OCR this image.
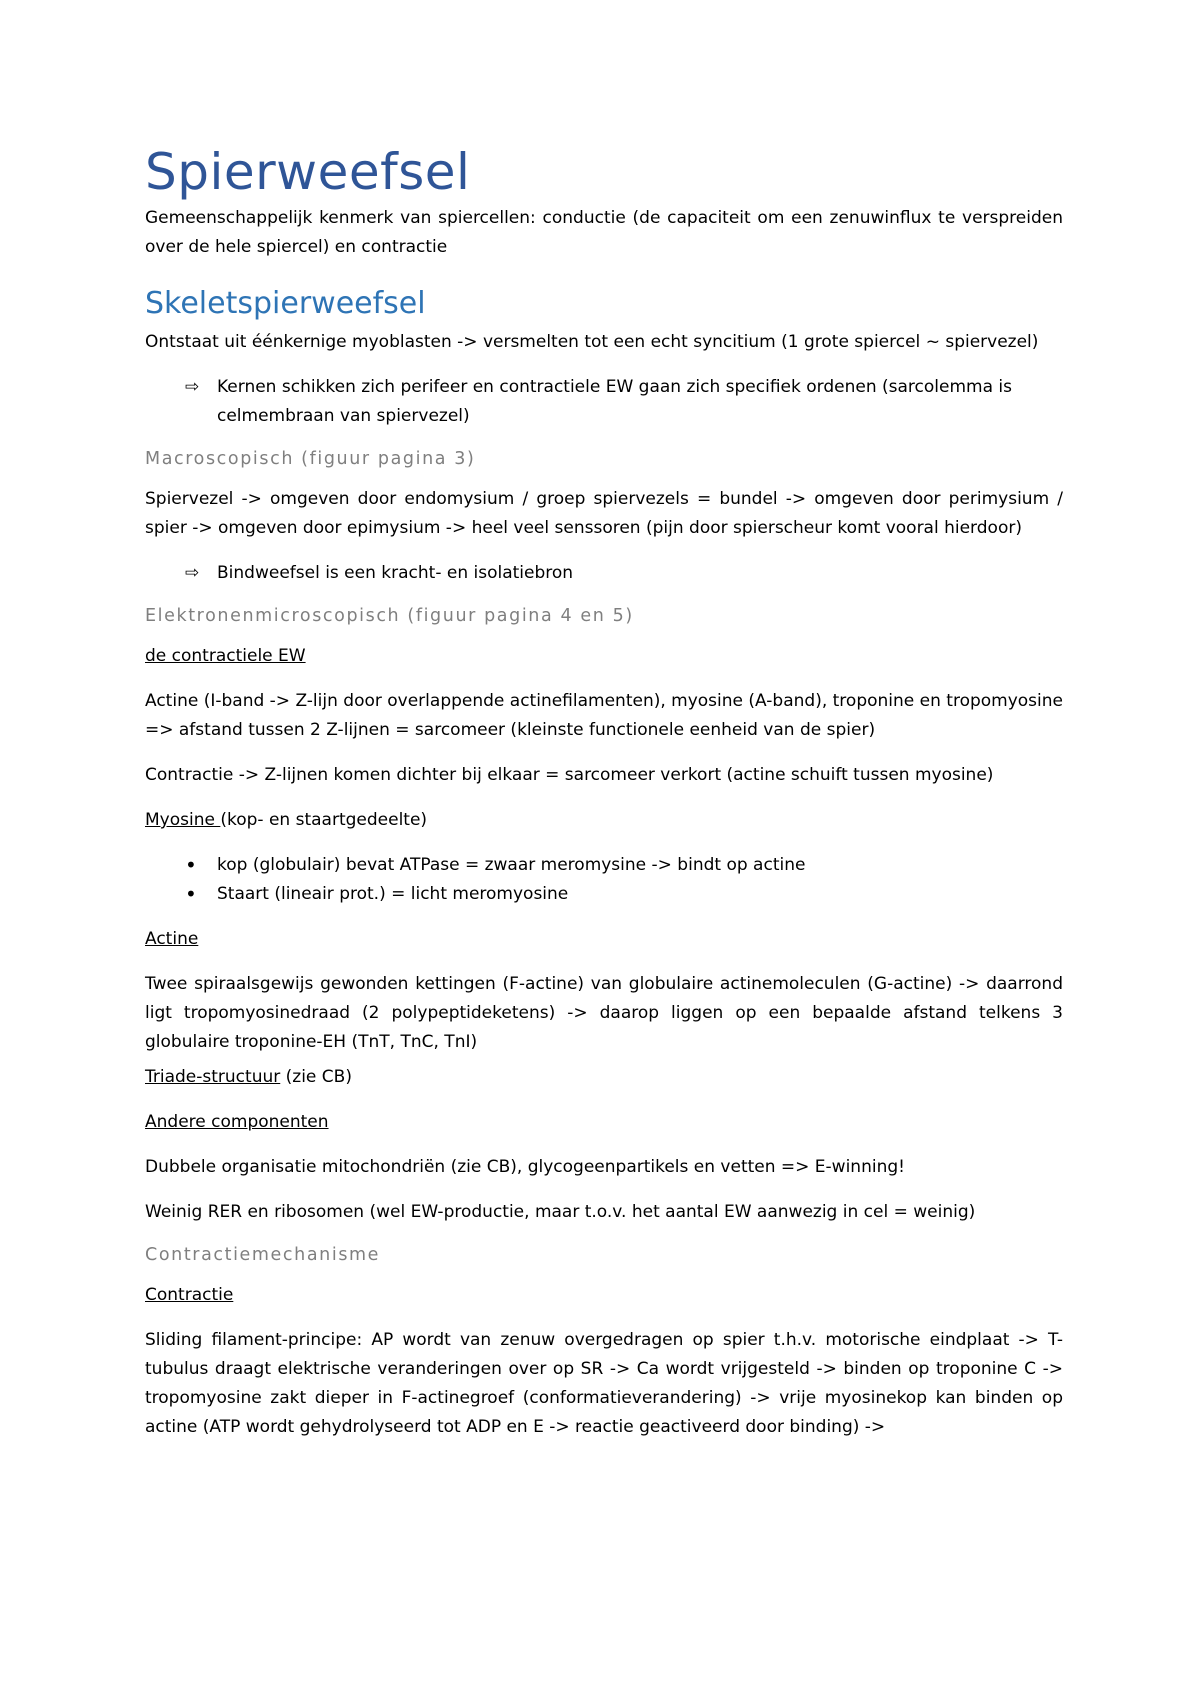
Spierweefsel

Gemeenschappelijk kenmerk van spiercellen: conductie (de capaciteit om een zenuwinflux te verspreiden over de hele spiercel) en contractie

Skeletspierweefsel

Ontstaat uit éénkernige myoblasten -> versmelten tot een echt syncitium (1 grote spiercel ~ spiervezel)

⇨	Kernen schikken zich perifeer en contractiele EW gaan zich specifiek ordenen (sarcolemma is celmembraan van spiervezel)
Macroscopisch (figuur pagina 3)

Spiervezel -> omgeven door endomysium / groep spiervezels = bundel -> omgeven door perimysium / spier -> omgeven door epimysium -> heel veel senssoren (pijn door spierscheur komt vooral hierdoor)

⇨	Bindweefsel is een kracht- en isolatiebron
Elektronenmicroscopisch (figuur pagina 4 en 5)

de contractiele EW

Actine (I-band -> Z-lijn door overlappende actinefilamenten), myosine (A-band), troponine en tropomyosine => afstand tussen 2 Z-lijnen = sarcomeer (kleinste functionele eenheid van de spier)

Contractie -> Z-lijnen komen dichter bij elkaar = sarcomeer verkort (actine schuift tussen myosine)

Myosine (kop- en staartgedeelte)

•	kop (globulair) bevat ATPase = zwaar meromysine -> bindt op actine
•	Staart (lineair prot.) = licht meromyosine

Actine

Twee spiraalsgewijs gewonden kettingen (F-actine) van globulaire actinemoleculen (G-actine) -> daarrond ligt tropomyosinedraad (2 polypeptideketens) -> daarop liggen op een bepaalde afstand telkens 3 globulaire troponine-EH (TnT, TnC, TnI)

Triade-structuur (zie CB)

Andere componenten

Dubbele organisatie mitochondriën (zie CB), glycogeenpartikels en vetten => E-winning!

Weinig RER en ribosomen (wel EW-productie, maar t.o.v. het aantal EW aanwezig in cel = weinig)

Contractiemechanisme

Contractie

Sliding filament-principe: AP wordt van zenuw overgedragen op spier t.h.v. motorische eindplaat -> T-tubulus draagt elektrische veranderingen over op SR -> Ca wordt vrijgesteld -> binden op troponine C -> tropomyosine zakt dieper in F-actinegroef (conformatieverandering) -> vrije myosinekop kan binden op actine (ATP wordt gehydrolyseerd tot ADP en E -> reactie geactiveerd door binding) ->
